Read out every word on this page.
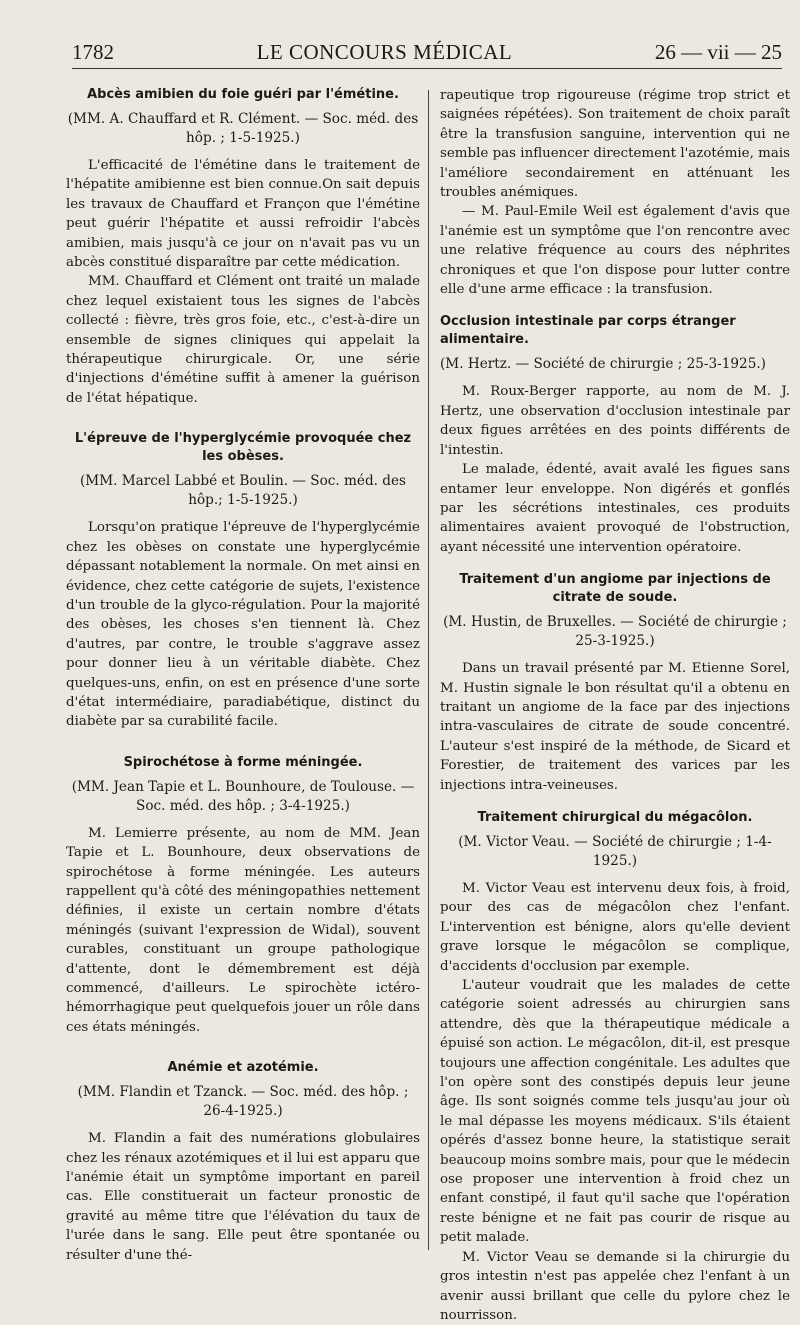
1782	LE CONCOURS MÉDICAL	26 — vii — 25
Abcès amibien du foie guéri par l'émétine.
(MM. A. Chauffard et R. Clément. — Soc. méd. des hôp. ; 1-5-1925.)

L'efficacité de l'émétine dans le traitement de l'hépatite amibienne est bien connue.On sait depuis les travaux de Chauffard et Françon que l'émétine peut guérir l'hépatite et aussi refroidir l'abcès amibien, mais jusqu'à ce jour on n'avait pas vu un abcès constitué disparaître par cette médication.

MM. Chauffard et Clément ont traité un malade chez lequel existaient tous les signes de l'abcès collecté : fièvre, très gros foie, etc., c'est-à-dire un ensemble de signes cliniques qui appelait la thérapeutique chirurgicale. Or, une série d'injections d'émétine suffit à amener la guérison de l'état hépatique.

L'épreuve de l'hyperglycémie provoquée chez les obèses.
(MM. Marcel Labbé et Boulin. — Soc. méd. des hôp.; 1-5-1925.)

Lorsqu'on pratique l'épreuve de l'hyperglycémie chez les obèses on constate une hyperglycémie dépassant notablement la normale. On met ainsi en évidence, chez cette catégorie de sujets, l'existence d'un trouble de la glyco-régulation. Pour la majorité des obèses, les choses s'en tiennent là. Chez d'autres, par contre, le trouble s'aggrave assez pour donner lieu à un véritable diabète. Chez quelques-uns, enfin, on est en présence d'une sorte d'état intermédiaire, paradiabétique, distinct du diabète par sa curabilité facile.

Spirochétose à forme méningée.
(MM. Jean Tapie et L. Bounhoure, de Toulouse. — Soc. méd. des hôp. ; 3-4-1925.)

M. Lemierre présente, au nom de MM. Jean Tapie et L. Bounhoure, deux observations de spirochétose à forme méningée. Les auteurs rappellent qu'à côté des méningopathies nettement définies, il existe un certain nombre d'états méningés (suivant l'expression de Widal), souvent curables, constituant un groupe pathologique d'attente, dont le démembrement est déjà commencé, d'ailleurs. Le spirochète ictéro-hémorrhagique peut quelquefois jouer un rôle dans ces états méningés.

Anémie et azotémie.
(MM. Flandin et Tzanck. — Soc. méd. des hôp. ; 26-4-1925.)

M. Flandin a fait des numérations globulaires chez les rénaux azotémiques et il lui est apparu que l'anémie était un symptôme important en pareil cas. Elle constituerait un facteur pronostic de gravité au même titre que l'élévation du taux de l'urée dans le sang. Elle peut être spontanée ou résulter d'une thé-

rapeutique trop rigoureuse (régime trop strict et saignées répétées). Son traitement de choix paraît être la transfusion sanguine, intervention qui ne semble pas influencer directement l'azotémie, mais l'améliore secondairement en atténuant les troubles anémiques.

— M. Paul-Emile Weil est également d'avis que l'anémie est un symptôme que l'on rencontre avec une relative fréquence au cours des néphrites chroniques et que l'on dispose pour lutter contre elle d'une arme efficace : la transfusion.

Occlusion intestinale par corps étranger alimentaire.
(M. Hertz. — Société de chirurgie ; 25-3-1925.)

M. Roux-Berger rapporte, au nom de M. J. Hertz, une observation d'occlusion intestinale par deux figues arrêtées en des points différents de l'intestin.

Le malade, édenté, avait avalé les figues sans entamer leur enveloppe. Non digérés et gonflés par les sécrétions intestinales, ces produits alimentaires avaient provoqué de l'obstruction, ayant nécessité une intervention opératoire.

Traitement d'un angiome par injections de citrate de soude.
(M. Hustin, de Bruxelles. — Société de chirurgie ; 25-3-1925.)

Dans un travail présenté par M. Etienne Sorel, M. Hustin signale le bon résultat qu'il a obtenu en traitant un angiome de la face par des injections intra-vasculaires de citrate de soude concentré. L'auteur s'est inspiré de la méthode, de Sicard et Forestier, de traitement des varices par les injections intra-veineuses.

Traitement chirurgical du mégacôlon.
(M. Victor Veau. — Société de chirurgie ; 1-4-1925.)

M. Victor Veau est intervenu deux fois, à froid, pour des cas de mégacôlon chez l'enfant. L'intervention est bénigne, alors qu'elle devient grave lorsque le mégacôlon se complique, d'accidents d'occlusion par exemple.

L'auteur voudrait que les malades de cette catégorie soient adressés au chirurgien sans attendre, dès que la thérapeutique médicale a épuisé son action. Le mégacôlon, dit-il, est presque toujours une affection congénitale. Les adultes que l'on opère sont des constipés depuis leur jeune âge. Ils sont soignés comme tels jusqu'au jour où le mal dépasse les moyens médicaux. S'ils étaient opérés d'assez bonne heure, la statistique serait beaucoup moins sombre mais, pour que le médecin ose proposer une intervention à froid chez un enfant constipé, il faut qu'il sache que l'opération reste bénigne et ne fait pas courir de risque au petit malade.

M. Victor Veau se demande si la chirurgie du gros intestin n'est pas appelée chez l'enfant à un avenir aussi brillant que celle du pylore chez le nourrisson.
